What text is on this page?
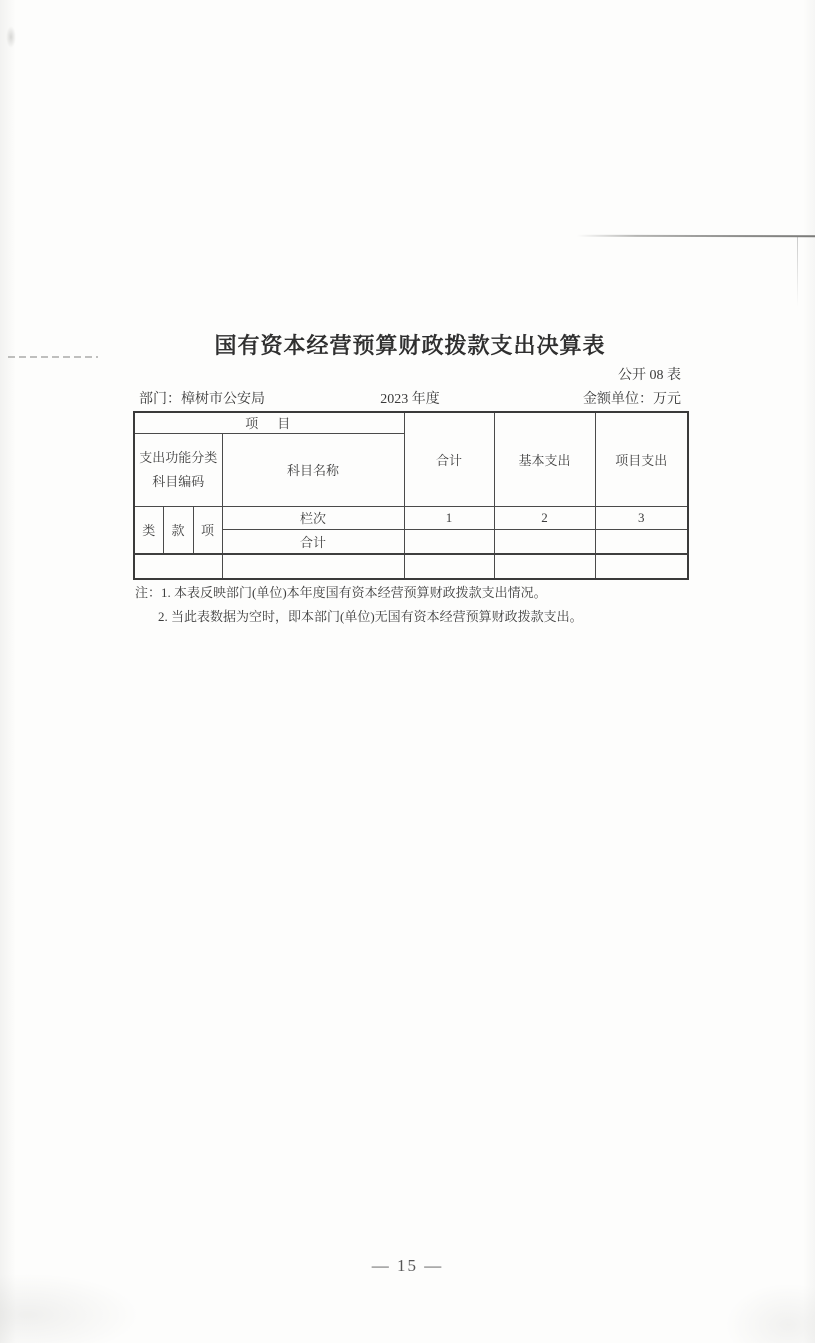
国有资本经营预算财政拨款支出决算表
公开 08 表
部门：樟树市公安局	2023 年度	金额单位：万元
项　目				合计	基本支出	项目支出

支出功能分类
科目编码			科目名称			
类	款	项	栏次	1	2	3
			合计			

注：1. 本表反映部门(单位)本年度国有资本经营预算财政拨款支出情况。
2. 当此表数据为空时，即本部门(单位)无国有资本经营预算财政拨款支出。
— 15 —
